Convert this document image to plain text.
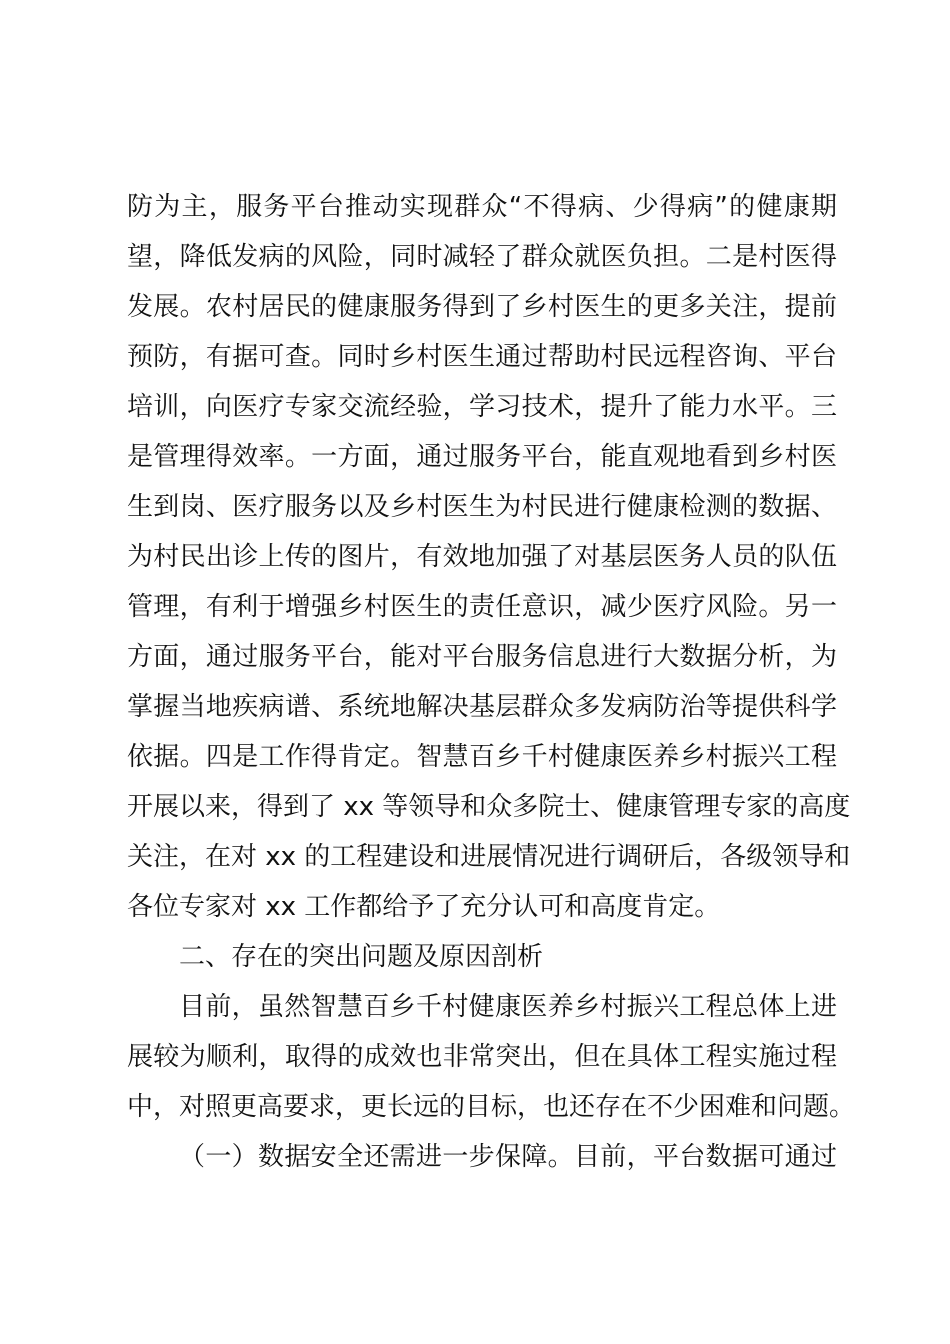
防为主，服务平台推动实现群众“不得病、少得病”的健康期
望，降低发病的风险，同时减轻了群众就医负担。二是村医得
发展。农村居民的健康服务得到了乡村医生的更多关注，提前
预防，有据可查。同时乡村医生通过帮助村民远程咨询、平台
培训，向医疗专家交流经验，学习技术，提升了能力水平。三
是管理得效率。一方面，通过服务平台，能直观地看到乡村医
生到岗、医疗服务以及乡村医生为村民进行健康检测的数据、
为村民出诊上传的图片，有效地加强了对基层医务人员的队伍
管理，有利于增强乡村医生的责任意识，减少医疗风险。另一
方面，通过服务平台，能对平台服务信息进行大数据分析，为
掌握当地疾病谱、系统地解决基层群众多发病防治等提供科学
依据。四是工作得肯定。智慧百乡千村健康医养乡村振兴工程
开展以来，得到了 xx 等领导和众多院士、健康管理专家的高度
关注，在对 xx 的工程建设和进展情况进行调研后，各级领导和
各位专家对 xx 工作都给予了充分认可和高度肯定。
二、存在的突出问题及原因剖析
目前，虽然智慧百乡千村健康医养乡村振兴工程总体上进
展较为顺利，取得的成效也非常突出，但在具体工程实施过程
中，对照更高要求，更长远的目标，也还存在不少困难和问题。
（一）数据安全还需进一步保障。目前，平台数据可通过
